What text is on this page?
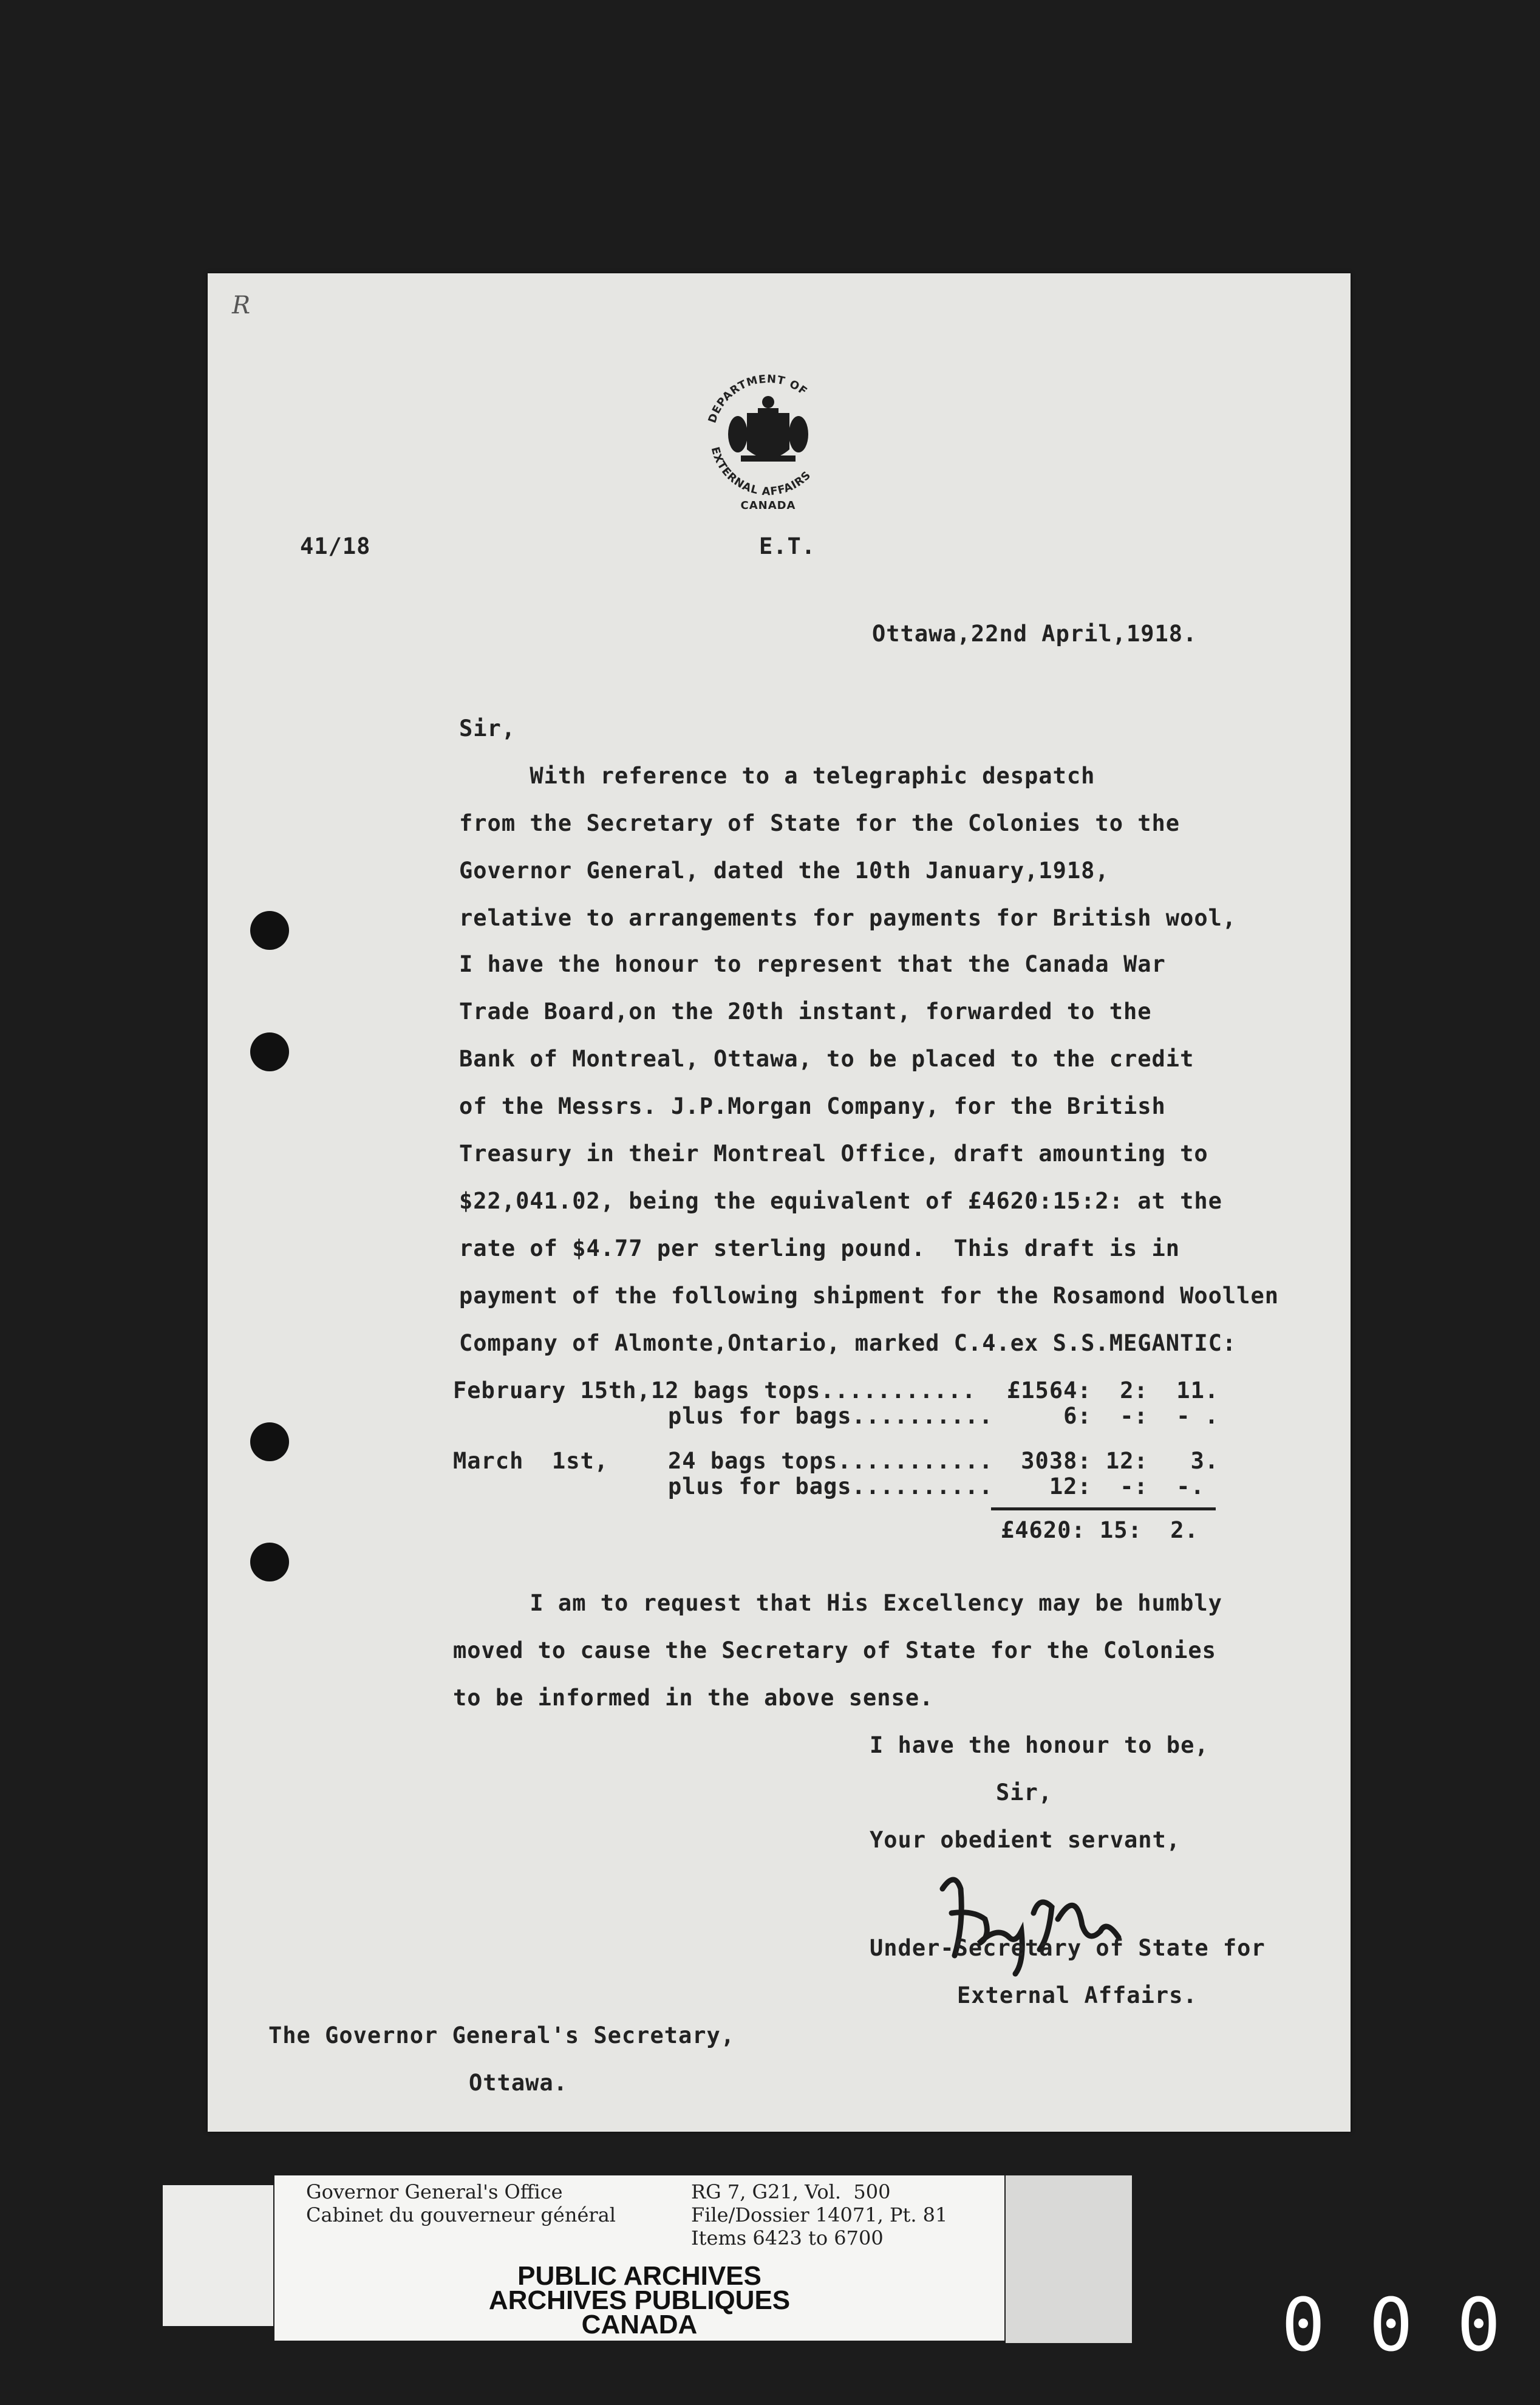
R
DEPARTMENT OF
EXTERNAL AFFAIRS
CANADA
E.T.
41/18
Ottawa,22nd April,1918.
Sir,
With reference to a telegraphic despatch
from the Secretary of State for the Colonies to the
Governor General, dated the 10th January,1918,
relative to arrangements for payments for British wool,
I have the honour to represent that the Canada War
Trade Board,on the 20th instant, forwarded to the
Bank of Montreal, Ottawa, to be placed to the credit
of the Messrs. J.P.Morgan Company, for the British
Treasury in their Montreal Office, draft amounting to
$22,041.02, being the equivalent of £4620:15:2: at the
rate of $4.77 per sterling pound.  This draft is in
payment of the following shipment for the Rosamond Woollen
Company of Almonte,Ontario, marked C.4.ex S.S.MEGANTIC:
February 15th, 12 bags tops........... £1564:  2:  11.
plus for bags.......... 6:  -:  - .
March  1st,	24 bags tops........... 3038: 12:   3.
plus for bags.......... 12:  -:  -.
£4620: 15:  2.
I am to request that His Excellency may be humbly
moved to cause the Secretary of State for the Colonies
to be informed in the above sense.
I have the honour to be,
Sir,
Your obedient servant,
Under-Secretary of State for
External Affairs.
The Governor General's Secretary,
Ottawa.
Governor General's Office
Cabinet du gouverneur général
RG 7, G21, Vol.  500
File/Dossier 14071, Pt. 81
Items 6423 to 6700
PUBLIC ARCHIVES
ARCHIVES PUBLIQUES
CANADA	0 0 0
